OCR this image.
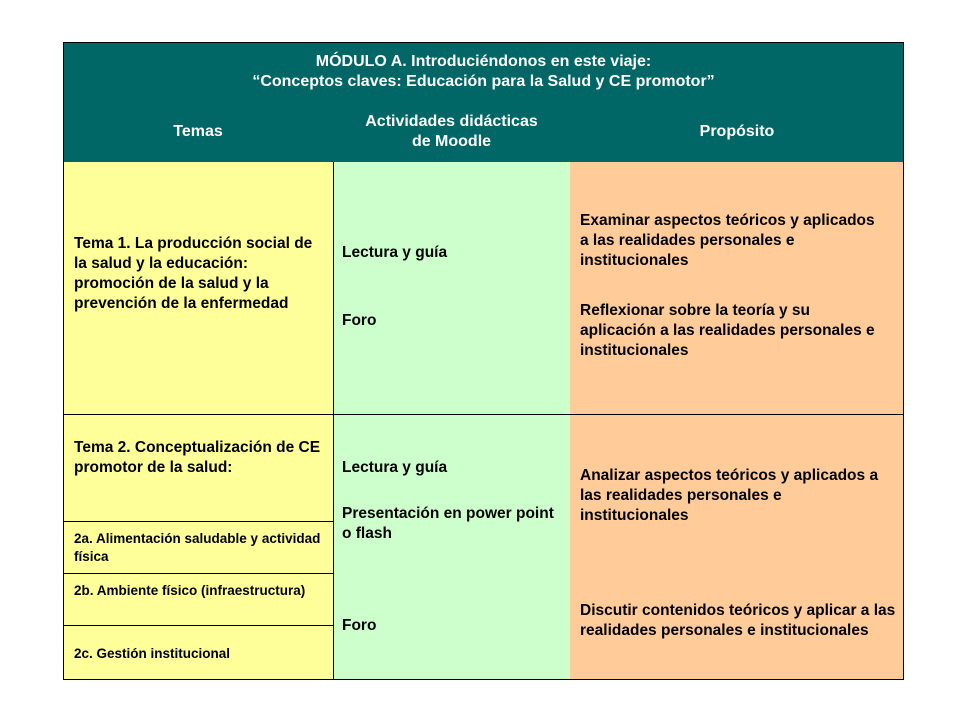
MÓDULO A. Introduciéndonos en este viaje:
“Conceptos claves: Educación para la Salud y CE promotor”
Temas
Actividades didácticas
de Moodle
Propósito
Tema 1. La producción social de la salud y la educación: promoción de la salud y la prevención de la enfermedad
Lectura y guía
Foro
Examinar aspectos teóricos y aplicados a las realidades personales e institucionales
Reflexionar sobre la teoría y su aplicación a las realidades personales e institucionales
Tema 2. Conceptualización de CE promotor de la salud:
2a. Alimentación saludable y actividad física
2b. Ambiente físico (infraestructura)
2c. Gestión institucional
Lectura y guía
Presentación en power point o flash
Foro
Analizar aspectos teóricos y aplicados a las realidades personales e institucionales
Discutir contenidos teóricos y aplicar a las realidades personales e institucionales
